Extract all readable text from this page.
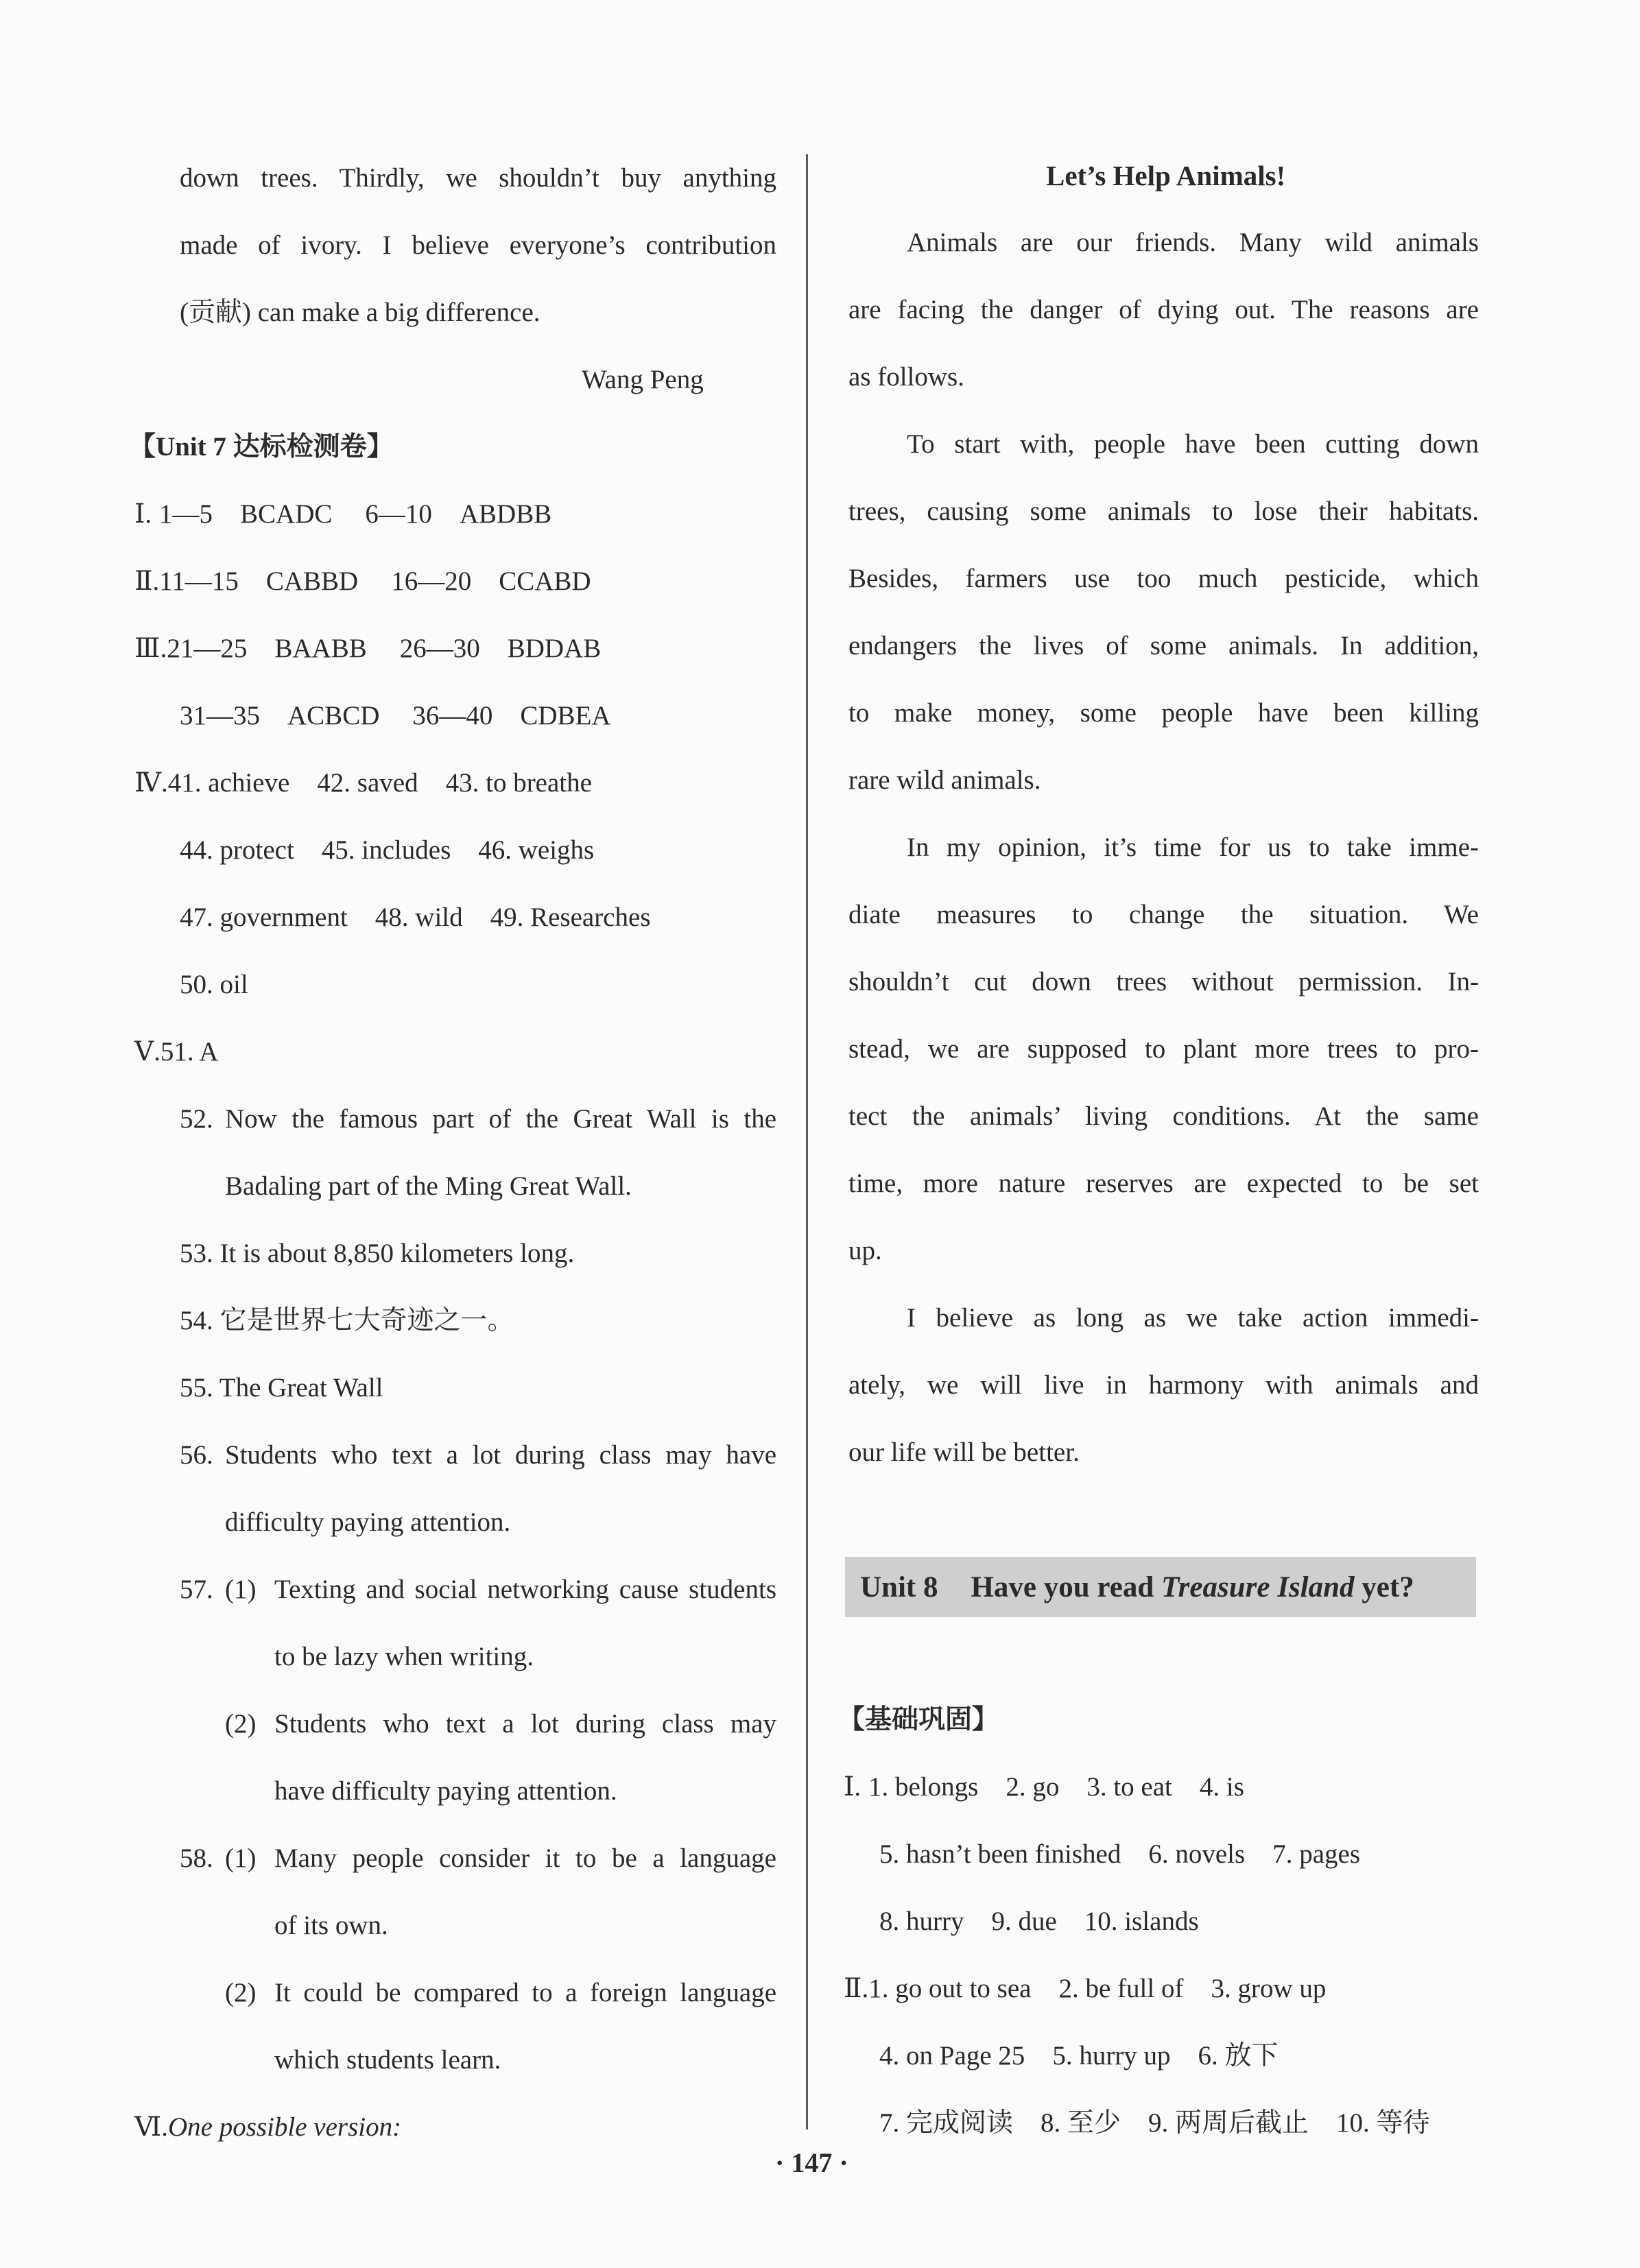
down trees. Thirdly, we shouldn’t buy anything
made of ivory. I believe everyone’s contribution
(贡献) can make a big difference.
Wang Peng
【Unit 7 达标检测卷】
Ⅰ. 1—5 BCADC 6—10 ABDBB
Ⅱ.11—15 CABBD 16—20 CCABD
Ⅲ.21—25 BAABB 26—30 BDDAB
31—35 ACBCD 36—40 CDBEA
Ⅳ.41. achieve 42. saved 43. to breathe
44. protect 45. includes 46. weighs
47. government 48. wild 49. Researches
50. oil
Ⅴ.51. A
52. Now the famous part of the Great Wall is the
Badaling part of the Ming Great Wall.
53. It is about 8,850 kilometers long.
54. 它是世界七大奇迹之一。
55. The Great Wall
56. Students who text a lot during class may have
difficulty paying attention.
57. (1) Texting and social networking cause students
to be lazy when writing.
(2) Students who text a lot during class may
have difficulty paying attention.
58. (1) Many people consider it to be a language
of its own.
(2) It could be compared to a foreign language
which students learn.
Ⅵ.One possible version:
Let’s Help Animals!
Animals are our friends. Many wild animals
are facing the danger of dying out. The reasons are
as follows.
To start with, people have been cutting down
trees, causing some animals to lose their habitats.
Besides, farmers use too much pesticide, which
endangers the lives of some animals. In addition,
to make money, some people have been killing
rare wild animals.
In my opinion, it’s time for us to take imme-
diate measures to change the situation. We
shouldn’t cut down trees without permission. In-
stead, we are supposed to plant more trees to pro-
tect the animals’ living conditions. At the same
time, more nature reserves are expected to be set
up.
I believe as long as we take action immedi-
ately, we will live in harmony with animals and
our life will be better.
Unit 8 Have you read
Treasure Island
yet?
【基础巩固】
Ⅰ. 1. belongs 2. go 3. to eat 4. is
5. hasn’t been finished 6. novels 7. pages
8. hurry 9. due 10. islands
Ⅱ.1. go out to sea 2. be full of 3. grow up
4. on Page 25 5. hurry up 6. 放下
7. 完成阅读 8. 至少 9. 两周后截止 10. 等待
· 147 ·
